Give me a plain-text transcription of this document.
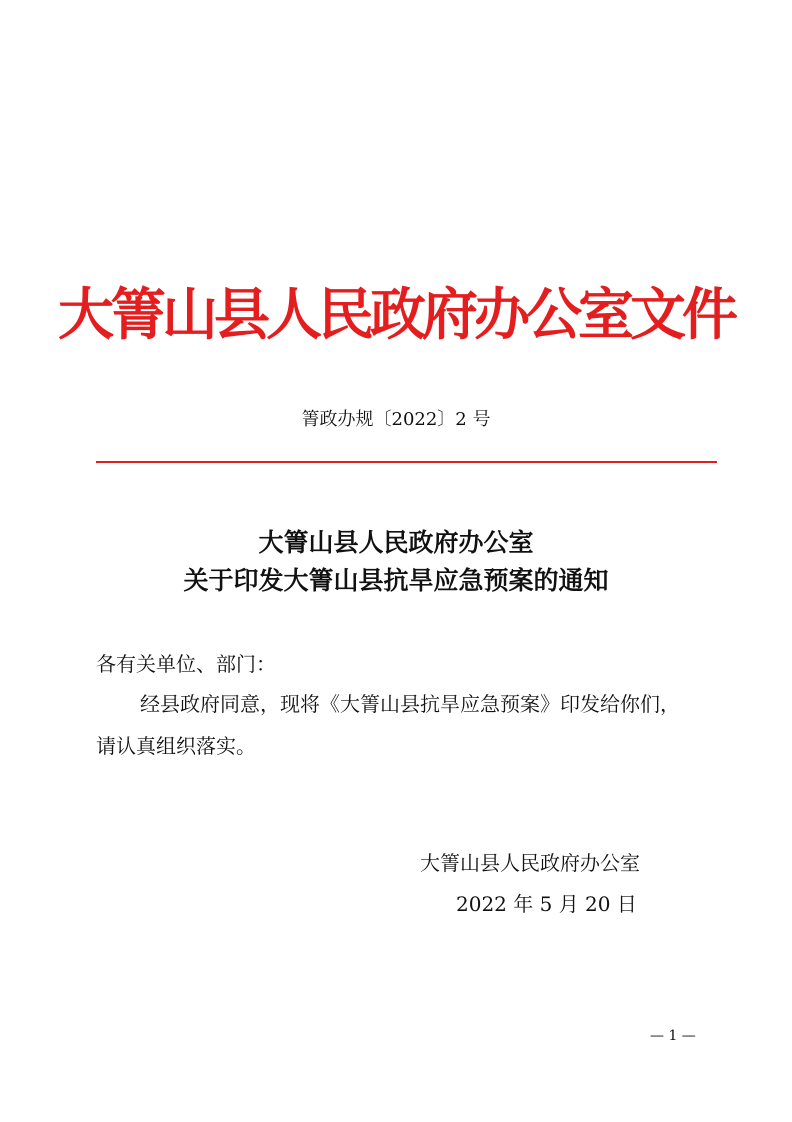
大箐山县人民政府办公室文件
箐政办规〔2022〕2 号
大箐山县人民政府办公室
关于印发大箐山县抗旱应急预案的通知
各有关单位、部门：
经县政府同意，现将《大箐山县抗旱应急预案》印发给你们，
请认真组织落实。
大箐山县人民政府办公室
2022 年 5 月 20 日
— 1 —
